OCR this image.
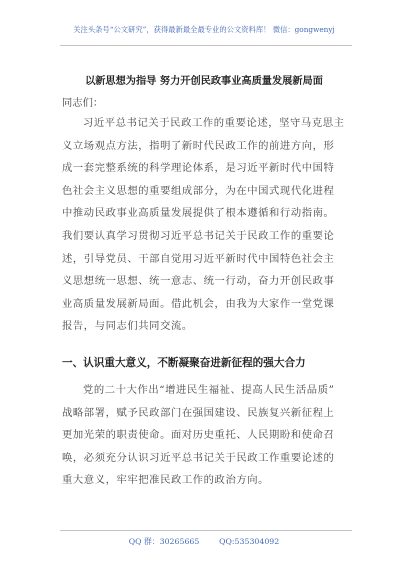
关注头条号“公文研究”，获得最新最全最专业的公文资料库！ 微信：gongwenyj
以新思想为指导 努力开创民政事业高质量发展新局面
同志们：
习近平总书记关于民政工作的重要论述，坚守马克思主
义立场观点方法，指明了新时代民政工作的前进方向，形
成一套完整系统的科学理论体系，是习近平新时代中国特
色社会主义思想的重要组成部分，为在中国式现代化进程
中推动民政事业高质量发展提供了根本遵循和行动指南。
我们要认真学习贯彻习近平总书记关于民政工作的重要论
述，引导党员、干部自觉用习近平新时代中国特色社会主
义思想统一思想、统一意志、统一行动，奋力开创民政事
业高质量发展新局面。借此机会，由我为大家作一堂党课
报告，与同志们共同交流。
一、认识重大意义，不断凝聚奋进新征程的强大合力
党的二十大作出“增进民生福祉、提高人民生活品质”
战略部署，赋予民政部门在强国建设、民族复兴新征程上
更加光荣的职责使命。面对历史重托、人民期盼和使命召
唤，必须充分认识习近平总书记关于民政工作重要论述的
重大意义，牢牢把准民政工作的政治方向。
QQ 群：30265665        QQ:535304092
